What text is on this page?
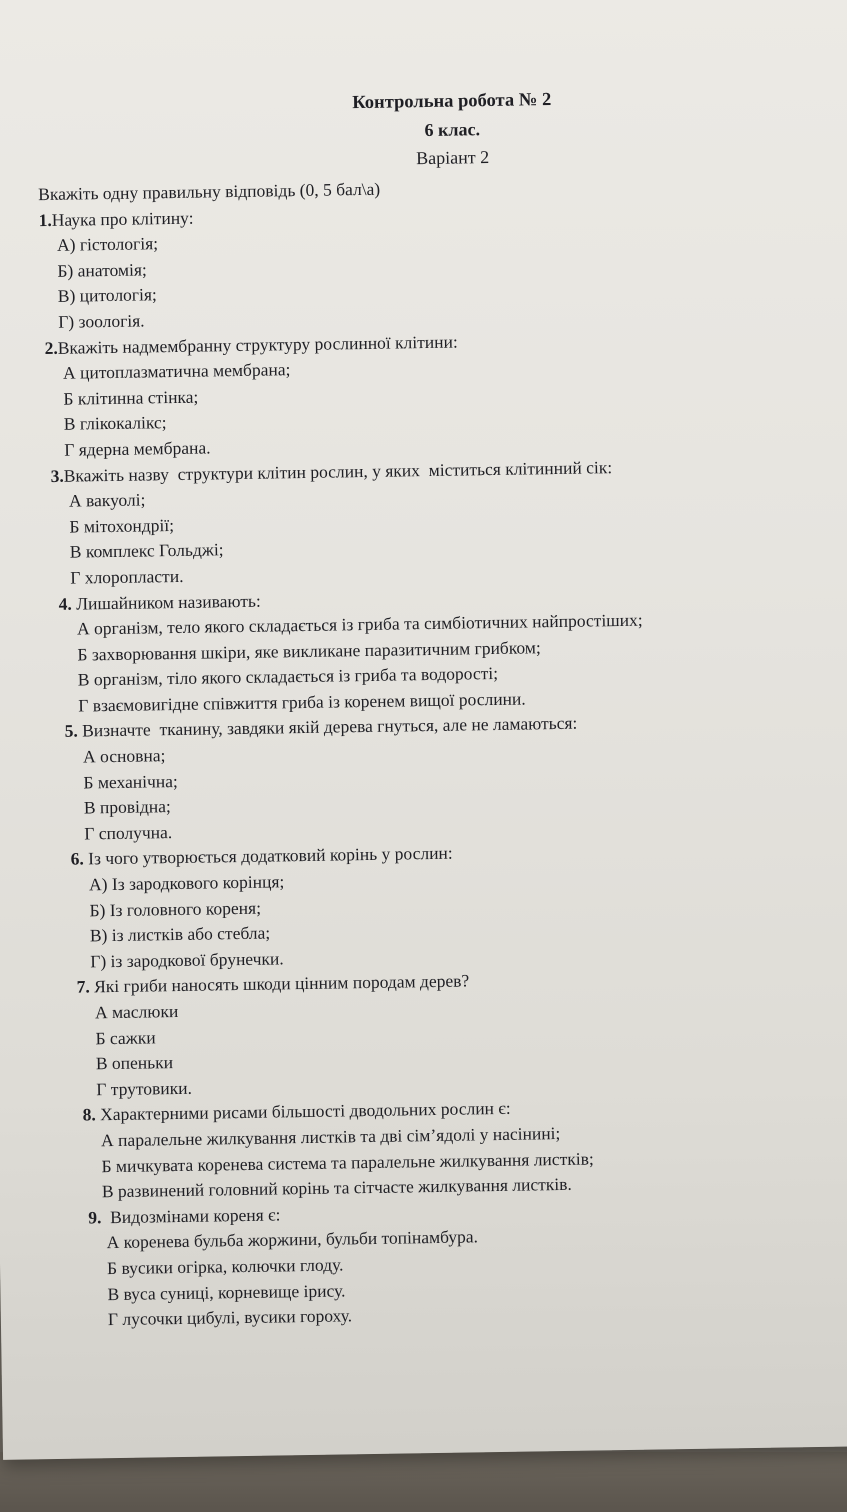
Контрольна робота № 2
6 клас.
Варіант 2
Вкажіть одну правильну відповідь (0, 5 бал\а)
1.Наука про клітину:
А) гістологія;
Б) анатомія;
В) цитологія;
Г) зоологія.
2.Вкажіть надмембранну структуру рослинної клітини:
А цитоплазматична мембрана;
Б клітинна стінка;
В глікокалікс;
Г ядерна мембрана.
3.Вкажіть назву  структури клітин рослин, у яких  міститься клітинний сік:
А вакуолі;
Б мітохондрії;
В комплекс Гольджі;
Г хлоропласти.
4. Лишайником називають:
А організм, тело якого складається із гриба та симбіотичних найпростіших;
Б захворювання шкіри, яке викликане паразитичним грибком;
В організм, тіло якого складається із гриба та водорості;
Г взаємовигідне співжиття гриба із коренем вищої рослини.
5. Визначте  тканину, завдяки якій дерева гнуться, але не ламаються:
А основна;
Б механічна;
В провідна;
Г сполучна.
6. Із чого утворюється додатковий корінь у рослин:
А) Із зародкового корінця;
Б) Із головного кореня;
В) із листків або стебла;
Г) із зародкової брунечки.
7. Які гриби наносять шкоди цінним породам дерев?
А маслюки
Б сажки
В опеньки
Г трутовики.
8. Характерними рисами більшості дводольних рослин є:
А паралельне жилкування листків та дві сім’ядолі у насінині;
Б мичкувата коренева система та паралельне жилкування листків;
В развинений головний корінь та сітчасте жилкування листків.
9.  Видозмінами кореня є:
А коренева бульба жоржини, бульби топінамбура.
Б вусики огірка, колючки глоду.
В вуса суниці, корневище ірису.
Г лусочки цибулі, вусики гороху.
